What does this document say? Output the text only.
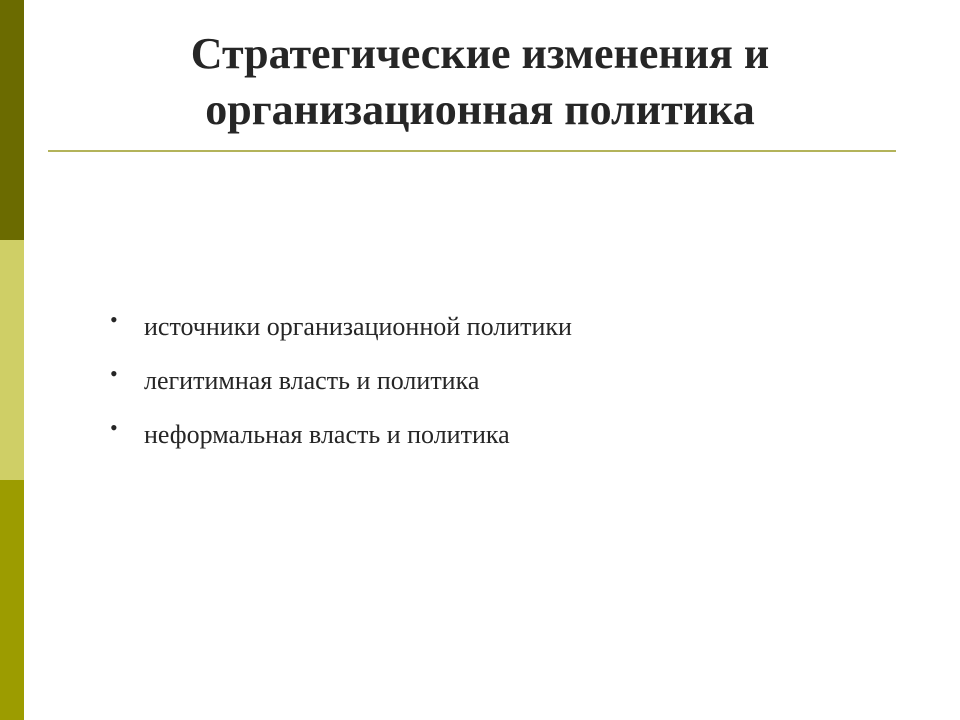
Стратегические изменения и
организационная политика
• источники организационной политики
• легитимная власть и политика
• неформальная власть и политика
